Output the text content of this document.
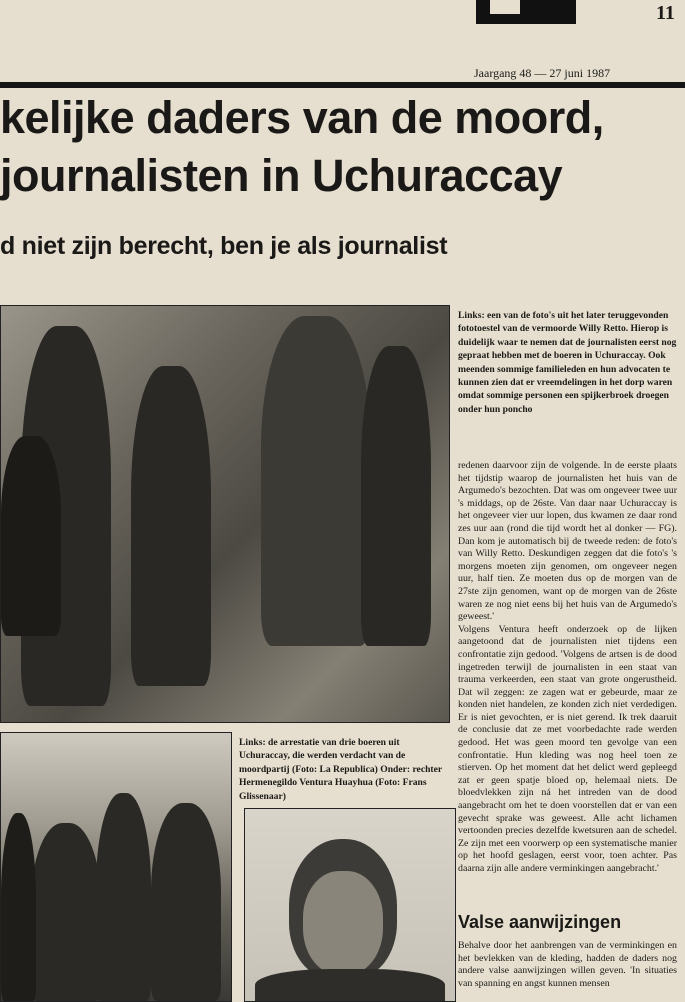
11
Jaargang 48 — 27 juni 1987
kelijke daders van de moord,
journalisten in Uchuraccay
d niet zijn berecht, ben je als journalist
Links: een van de foto's uit het later teruggevonden fototoestel van de vermoorde Willy Retto. Hierop is duidelijk waar te nemen dat de journalisten eerst nog gepraat hebben met de boeren in Uchuraccay. Ook meenden sommige familieleden en hun advocaten te kunnen zien dat er vreemdelingen in het dorp waren omdat sommige personen een spijkerbroek droegen onder hun poncho
Links: de arrestatie van drie boeren uit Uchuraccay, die werden verdacht van de moordpartij (Foto: La Republica) Onder: rechter Hermenegildo Ventura Huayhua (Foto: Frans Glissenaar)

redenen daarvoor zijn de volgende. In de eerste plaats het tijdstip waarop de journalisten het huis van de Argumedo's bezochten. Dat was om ongeveer twee uur 's middags, op de 26ste. Van daar naar Uchuraccay is het ongeveer vier uur lopen, dus kwamen ze daar rond zes uur aan (rond die tijd wordt het al donker — FG). Dan kom je automatisch bij de tweede reden: de foto's van Willy Retto. Deskundigen zeggen dat die foto's 's morgens moeten zijn genomen, om ongeveer negen uur, half tien. Ze moeten dus op de morgen van de 27ste zijn genomen, want op de morgen van de 26ste waren ze nog niet eens bij het huis van de Argumedo's geweest.'

Volgens Ventura heeft onderzoek op de lijken aangetoond dat de journalisten niet tijdens een confrontatie zijn gedood. 'Volgens de artsen is de dood ingetreden terwijl de journalisten in een staat van trauma verkeerden, een staat van grote ongerustheid. Dat wil zeggen: ze zagen wat er gebeurde, maar ze konden niet handelen, ze konden zich niet verdedigen. Er is niet gevochten, er is niet gerend. Ik trek daaruit de conclusie dat ze met voorbedachte rade werden gedood. Het was geen moord ten gevolge van een confrontatie. Hun kleding was nog heel toen ze stierven. Op het moment dat het delict werd gepleegd zat er geen spatje bloed op, helemaal niets. De bloedvlekken zijn ná het intreden van de dood aangebracht om het te doen voorstellen dat er van een gevecht sprake was geweest. Alle acht lichamen vertoonden precies dezelfde kwetsuren aan de schedel. Ze zijn met een voorwerp op een systematische manier op het hoofd geslagen, eerst voor, toen achter. Pas daarna zijn alle andere verminkingen aangebracht.'

Valse aanwijzingen
Behalve door het aanbrengen van de verminkingen en het bevlekken van de kleding, hadden de daders nog andere valse aanwijzingen willen geven. 'In situaties van spanning en angst kunnen mensen
